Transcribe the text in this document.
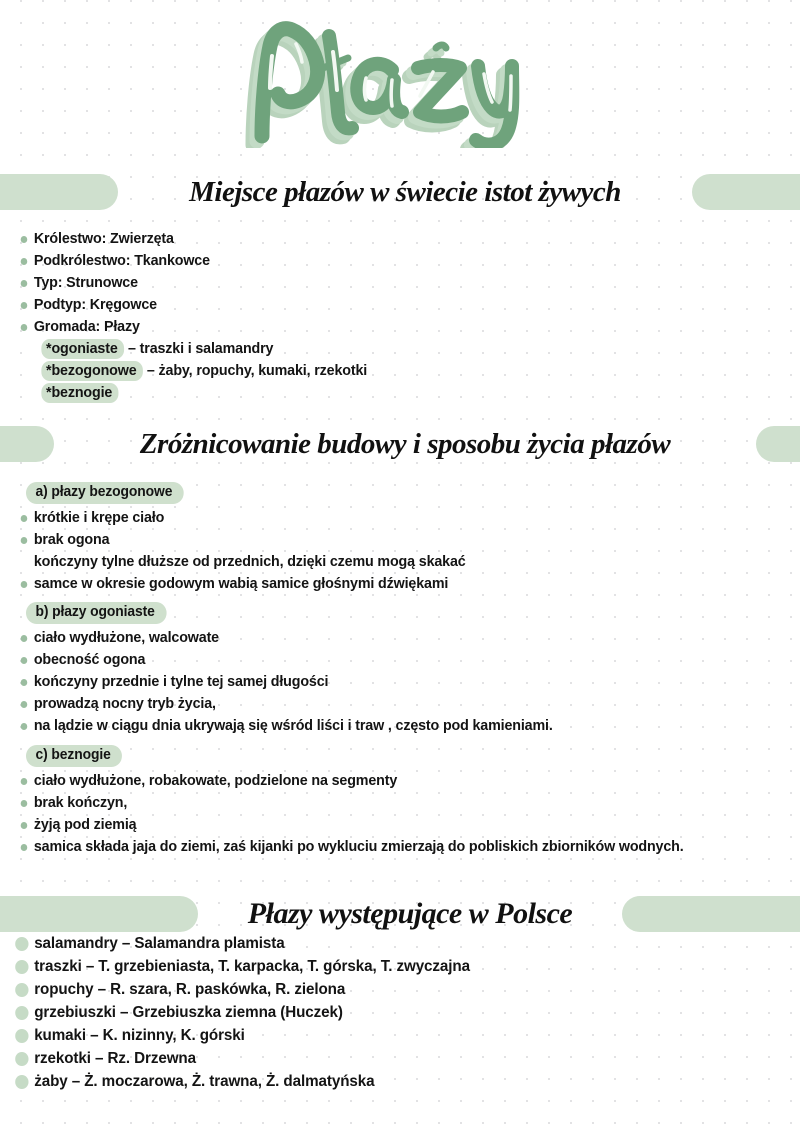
Miejsce płazów w świecie istot żywych
Królestwo: Zwierzęta
Podkrólestwo: Tkankowce
Typ: Strunowce
Podtyp: Kręgowce
Gromada: Płazy
*ogoniaste – traszki i salamandry
*bezogonowe – żaby, ropuchy, kumaki, rzekotki
*beznogie
Zróżnicowanie budowy i sposobu życia płazów
a) płazy bezogonowe
krótkie i krępe ciało
brak ogona
kończyny tylne dłuższe od przednich, dzięki czemu mogą skakać
samce w okresie godowym wabią samice głośnymi dźwiękami
b) płazy ogoniaste
ciało wydłużone, walcowate
obecność ogona
kończyny przednie i tylne tej samej długości
prowadzą nocny tryb życia,
na lądzie w ciągu dnia ukrywają się wśród liści i traw , często pod kamieniami.
c) beznogie
ciało wydłużone, robakowate, podzielone na segmenty
brak kończyn,
żyją pod ziemią
samica składa jaja do ziemi, zaś kijanki po wykluciu zmierzają do pobliskich zbiorników wodnych.
Płazy występujące w Polsce
salamandry – Salamandra plamista
traszki – T. grzebieniasta, T. karpacka, T. górska, T. zwyczajna
ropuchy – R. szara, R. paskówka, R. zielona
grzebiuszki – Grzebiuszka ziemna (Huczek)
kumaki – K. nizinny, K. górski
rzekotki – Rz. Drzewna
żaby – Ż. moczarowa, Ż. trawna, Ż. dalmatyńska
